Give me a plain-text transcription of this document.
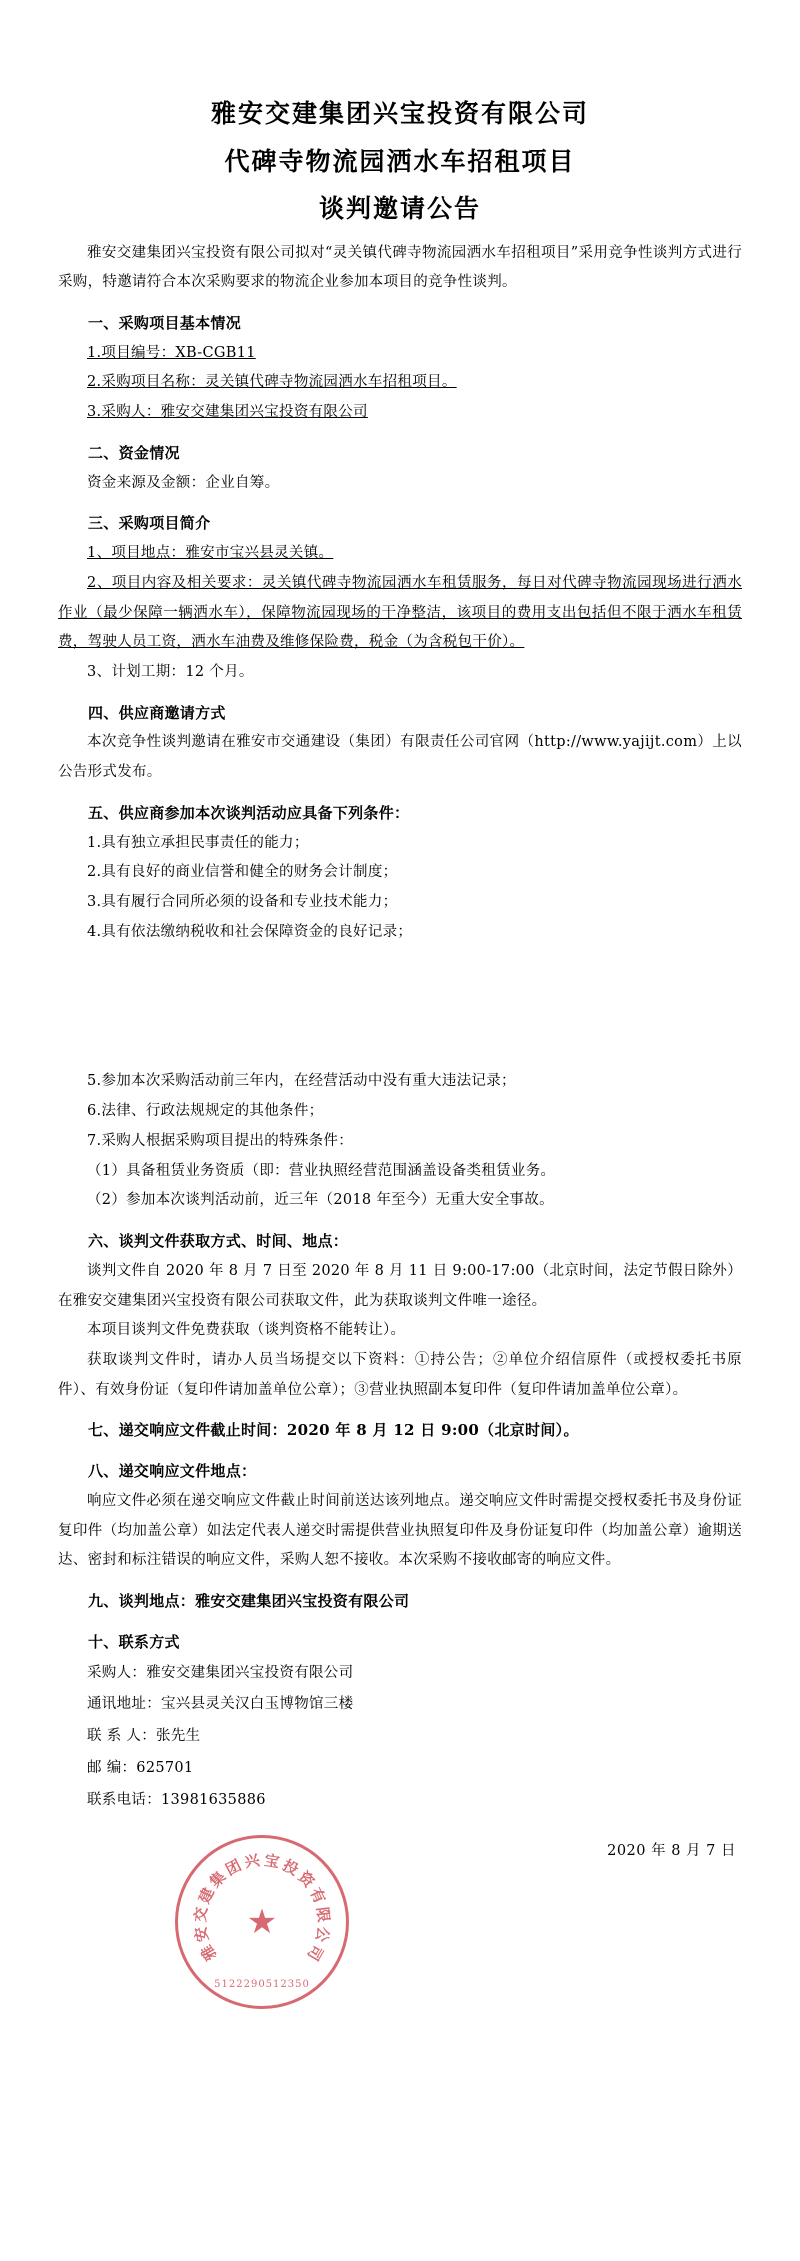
雅安交建集团兴宝投资有限公司
代碑寺物流园洒水车招租项目
谈判邀请公告

雅安交建集团兴宝投资有限公司拟对“灵关镇代碑寺物流园洒水车招租项目”采用竞争性谈判方式进行采购，特邀请符合本次采购要求的物流企业参加本项目的竞争性谈判。

一、采购项目基本情况

1.项目编号：XB-CGB11

2.采购项目名称：灵关镇代碑寺物流园洒水车招租项目。

3.采购人：雅安交建集团兴宝投资有限公司

二、资金情况

资金来源及金额：企业自筹。

三、采购项目简介

1、项目地点：雅安市宝兴县灵关镇。

2、项目内容及相关要求：灵关镇代碑寺物流园洒水车租赁服务，每日对代碑寺物流园现场进行洒水作业（最少保障一辆洒水车），保障物流园现场的干净整洁，该项目的费用支出包括但不限于洒水车租赁费，驾驶人员工资，洒水车油费及维修保险费，税金（为含税包干价）。

3、计划工期：12 个月。

四、供应商邀请方式

本次竞争性谈判邀请在雅安市交通建设（集团）有限责任公司官网（http://www.yajijt.com）上以公告形式发布。

五、供应商参加本次谈判活动应具备下列条件：

1.具有独立承担民事责任的能力；

2.具有良好的商业信誉和健全的财务会计制度；

3.具有履行合同所必须的设备和专业技术能力；

4.具有依法缴纳税收和社会保障资金的良好记录；

5.参加本次采购活动前三年内，在经营活动中没有重大违法记录；

6.法律、行政法规规定的其他条件；

7.采购人根据采购项目提出的特殊条件：

（1）具备租赁业务资质（即：营业执照经营范围涵盖设备类租赁业务。

（2）参加本次谈判活动前，近三年（2018 年至今）无重大安全事故。

六、谈判文件获取方式、时间、地点：

谈判文件自 2020 年 8 月 7 日至 2020 年 8 月 11 日 9:00-17:00（北京时间，法定节假日除外）在雅安交建集团兴宝投资有限公司获取文件，此为获取谈判文件唯一途径。

本项目谈判文件免费获取（谈判资格不能转让）。

获取谈判文件时，请办人员当场提交以下资料：①持公告；②单位介绍信原件（或授权委托书原件）、有效身份证（复印件请加盖单位公章）；③营业执照副本复印件（复印件请加盖单位公章）。

七、递交响应文件截止时间：2020 年 8 月 12 日 9:00（北京时间）。
八、递交响应文件地点：

响应文件必须在递交响应文件截止时间前送达该列地点。递交响应文件时需提交授权委托书及身份证复印件（均加盖公章）如法定代表人递交时需提供营业执照复印件及身份证复印件（均加盖公章）逾期送达、密封和标注错误的响应文件，采购人恕不接收。本次采购不接收邮寄的响应文件。

九、谈判地点：雅安交建集团兴宝投资有限公司
十、联系方式

采购人：雅安交建集团兴宝投资有限公司

通讯地址：宝兴县灵关汉白玉博物馆三楼

联 系 人：张先生

邮 编：625701

联系电话：13981635886

2020 年 8 月 7 日
雅
安
交
建
集
团 兴 宝 投
资
有
限
公
司
★
5122290512350
